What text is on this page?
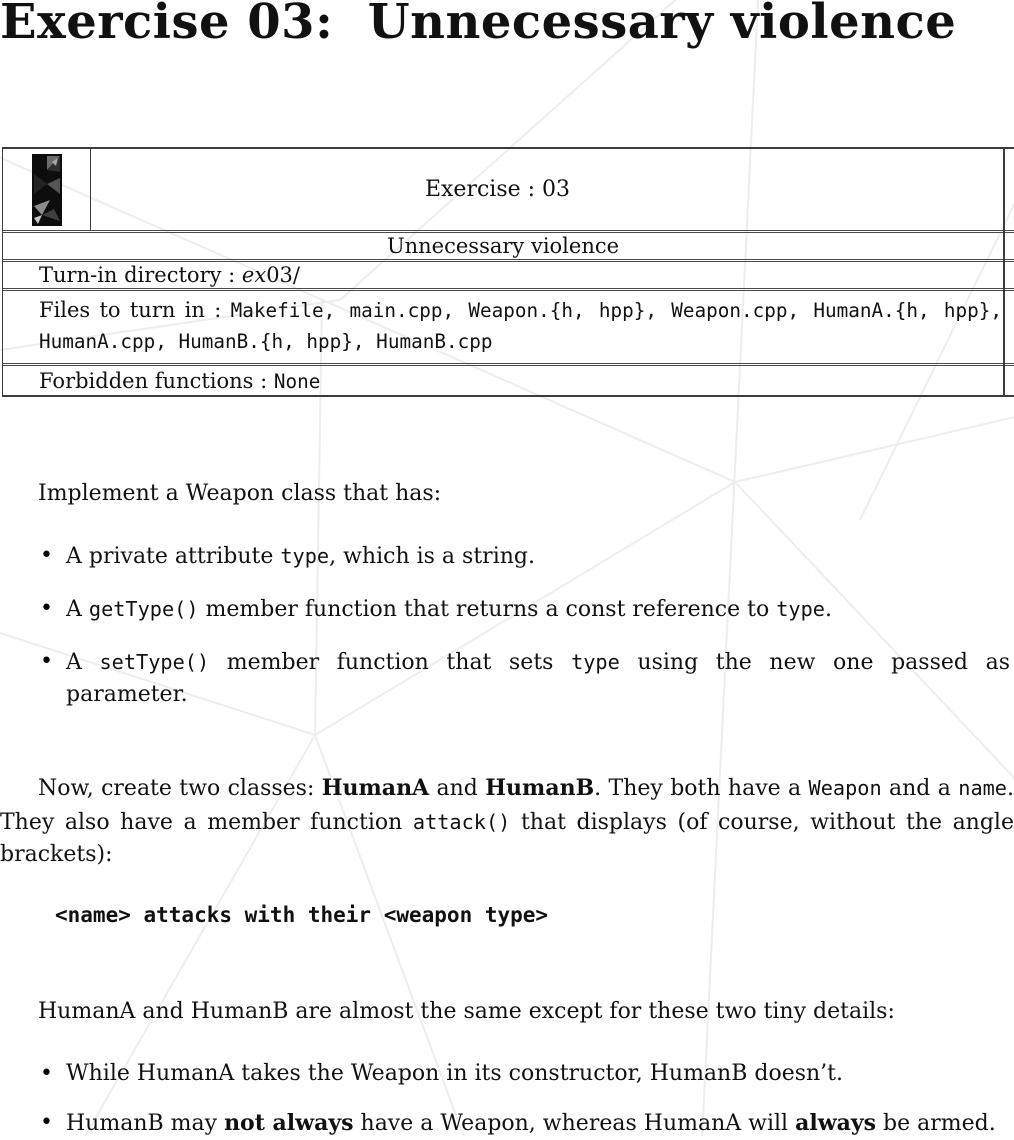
Exercise 03:  Unnecessary violence
Exercise : 03
Unnecessary violence
Turn-in directory : ex03/
Files to turn in : Makefile, main.cpp, Weapon.{h, hpp}, Weapon.cpp, HumanA.{h, hpp}, HumanA.cpp, HumanB.{h, hpp}, HumanB.cpp
Forbidden functions : None

Implement a Weapon class that has:

• A private attribute type, which is a string.
• A getType() member function that returns a const reference to type.
• A setType() member function that sets type using the new one passed as parameter.

Now, create two classes: HumanA and HumanB. They both have a Weapon and a name. They also have a member function attack() that displays (of course, without the angle brackets):

<name> attacks with their <weapon type>

HumanA and HumanB are almost the same except for these two tiny details:

• While HumanA takes the Weapon in its constructor, HumanB doesn’t.
• HumanB may not always have a Weapon, whereas HumanA will always be armed.
